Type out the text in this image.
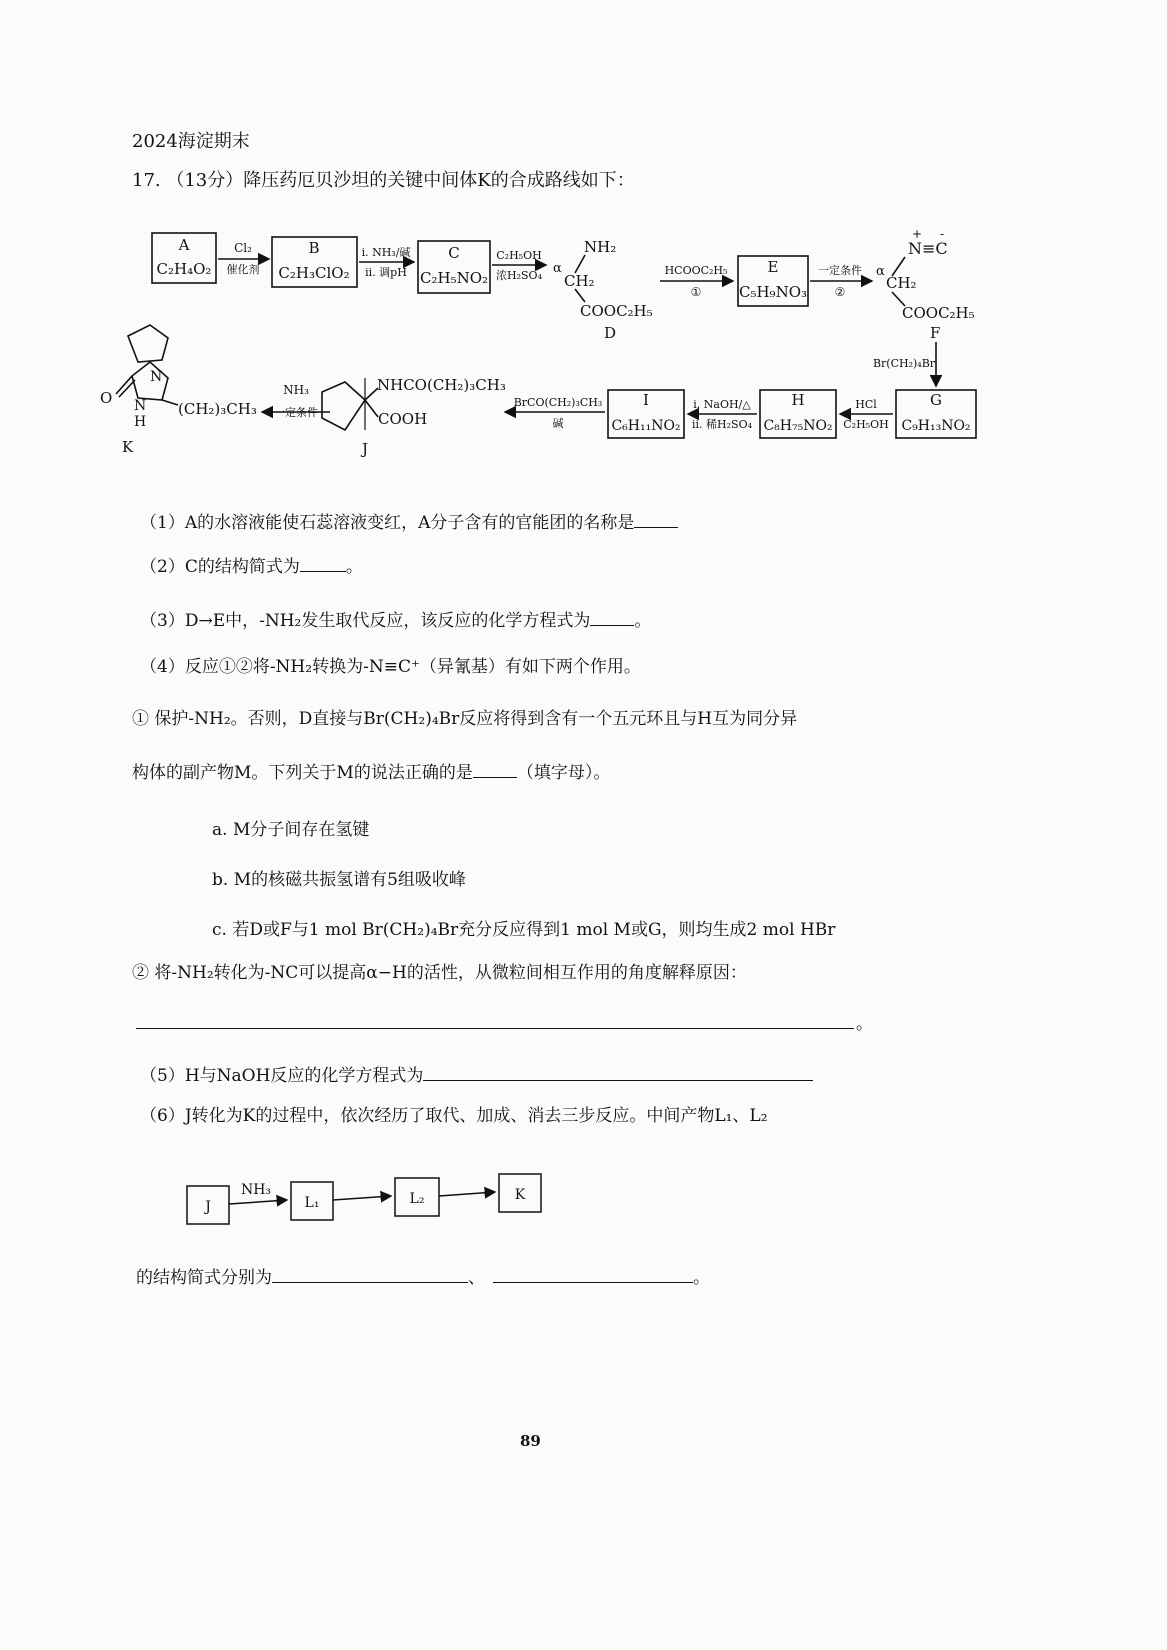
2024海淀期末
17. （13分）降压药厄贝沙坦的关键中间体K的合成路线如下：
A
C₂H₄O₂
B
C₂H₃ClO₂
C
C₂H₅NO₂
E
C₅H₉NO₃
G
C₉H₁₃NO₂
H
C₈H₇₅NO₂
I
C₆H₁₁NO₂
Cl₂
催化剂
i. NH₃/碱
ii. 调pH
C₂H₅OH
浓H₂SO₄	HCOOC₂H₅
①
一定条件
②
Br(CH₂)₄Br
HCl
C₂H₅OH
i. NaOH/△
ii. 稀H₂SO₄
BrCO(CH₂)₃CH₃
碱
NH₃
一定条件
NH₂
α
CH₂
COOC₂H₅
D
+ -
N≡C
α
CH₂
COOC₂H₅
F
NHCO(CH₂)₃CH₃
COOH
J
N
O N
H
(CH₂)₃CH₃
K
（1）A的水溶液能使石蕊溶液变红，A分子含有的官能团的名称是
（2）C的结构简式为	。
（3）D→E中，-NH₂发生取代反应，该反应的化学方程式为	。
（4）反应①②将-NH₂转换为-N≡C⁺（异氰基）有如下两个作用。
① 保护-NH₂。否则，D直接与Br(CH₂)₄Br反应将得到含有一个五元环且与H互为同分异
构体的副产物M。下列关于M的说法正确的是	（填字母）。
a. M分子间存在氢键
b. M的核磁共振氢谱有5组吸收峰
c. 若D或F与1 mol Br(CH₂)₄Br充分反应得到1 mol M或G，则均生成2 mol HBr
② 将-NH₂转化为-NC可以提高α−H的活性，从微粒间相互作用的角度解释原因：
。
（5）H与NaOH反应的化学方程式为
（6）J转化为K的过程中，依次经历了取代、加成、消去三步反应。中间产物L₁、L₂
J
NH₃
L₁	L₂	K
的结构简式分别为	、	。
89
